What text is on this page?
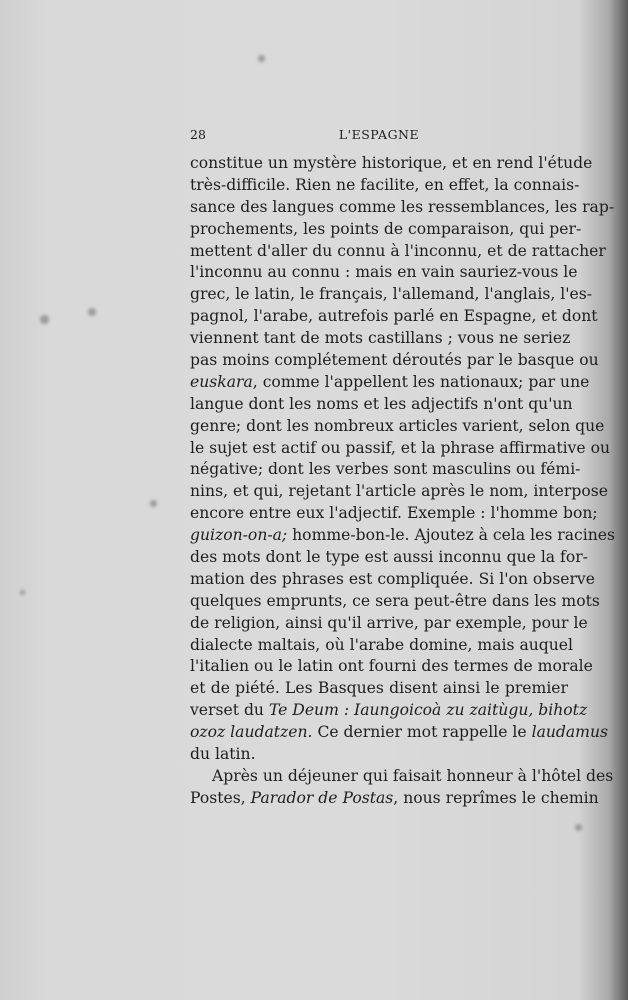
28	L'ESPAGNE
constitue un mystère historique, et en rend l'étude
très-difficile. Rien ne facilite, en effet, la connais-
sance des langues comme les ressemblances, les rap-
prochements, les points de comparaison, qui per-
mettent d'aller du connu à l'inconnu, et de rattacher
l'inconnu au connu : mais en vain sauriez-vous le
grec, le latin, le français, l'allemand, l'anglais, l'es-
pagnol, l'arabe, autrefois parlé en Espagne, et dont
viennent tant de mots castillans ; vous ne seriez
pas moins complétement déroutés par le basque ou
euskara, comme l'appellent les nationaux; par une
langue dont les noms et les adjectifs n'ont qu'un
genre; dont les nombreux articles varient, selon que
le sujet est actif ou passif, et la phrase affirmative ou
négative; dont les verbes sont masculins ou fémi-
nins, et qui, rejetant l'article après le nom, interpose
encore entre eux l'adjectif. Exemple : l'homme bon;
guizon-on-a; homme-bon-le. Ajoutez à cela les racines
des mots dont le type est aussi inconnu que la for-
mation des phrases est compliquée. Si l'on observe
quelques emprunts, ce sera peut-être dans les mots
de religion, ainsi qu'il arrive, par exemple, pour le
dialecte maltais, où l'arabe domine, mais auquel
l'italien ou le latin ont fourni des termes de morale
et de piété. Les Basques disent ainsi le premier
verset du Te Deum : Iaungoicoà zu zaitùgu, bihotz
ozoz laudatzen. Ce dernier mot rappelle le laudamus
du latin.
Après un déjeuner qui faisait honneur à l'hôtel des
Postes, Parador de Postas, nous reprîmes le chemin
